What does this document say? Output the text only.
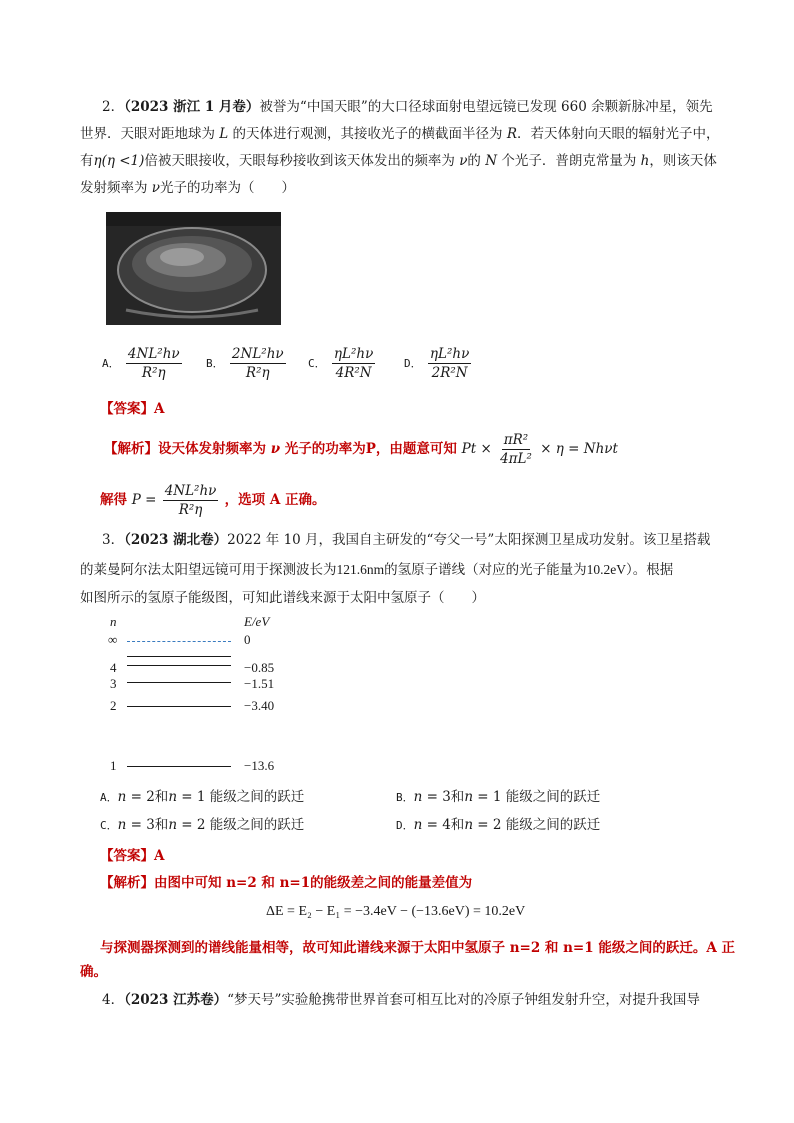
2．（2023 浙江 1 月卷）被誉为“中国天眼”的大口径球面射电望远镜已发现 660 余颗新脉冲星，领先
世界．天眼对距地球为 L 的天体进行观测，其接收光子的横截面半径为 R．若天体射向天眼的辐射光子中，
有η(η <1)倍被天眼接收，天眼每秒接收到该天体发出的频率为 ν的 N 个光子．普朗克常量为 h，则该天体
发射频率为 ν光子的功率为（　　）
A． $\frac{\text{4NL²hν}}{\text{R²η}}$ B． $\frac{\text{2NL²hν}}{\text{R²η}}$ C． $\frac{\text{ηL²hν}}{\text{4R²N}}$	D． $\frac{\text{ηL²hν}}{\text{2R²N}}$
【答案】A
【解析】设天体发射频率为 ν 光子的功率为P，由题意可知 $Pt \times \frac{\text{πR²}}{\text{4πL²}} \times \eta = Nh\nu t$
解得 $P = \frac{\text{4NL²hν}}{\text{R²η}}$ ，选项 A 正确。
3．（2023 湖北卷）2022 年 10 月，我国自主研发的“夸父一号”太阳探测卫星成功发射。该卫星搭载
的莱曼阿尔法太阳望远镜可用于探测波长为121.6nm的氢原子谱线（对应的光子能量为10.2eV）。根据
如图所示的氢原子能级图，可知此谱线来源于太阳中氢原子（　　）
n	E/eV
∞	0
4	−0.85
3	−1.51
2	−3.40
1	−13.6
A．n = 2和n = 1 能级之间的跃迁	B．n = 3和n = 1 能级之间的跃迁
C．n = 3和n = 2 能级之间的跃迁	D．n = 4和n = 2 能级之间的跃迁
【答案】A
【解析】由图中可知 n=2 和 n=1的能级差之间的能量差值为
ΔE = E₂ − E₁ = −3.4eV − (−13.6eV) = 10.2eV
与探测器探测到的谱线能量相等，故可知此谱线来源于太阳中氢原子 n=2 和 n=1 能级之间的跃迁。A 正
确。
4．（2023 江苏卷）“梦天号”实验舱携带世界首套可相互比对的冷原子钟组发射升空，对提升我国导
